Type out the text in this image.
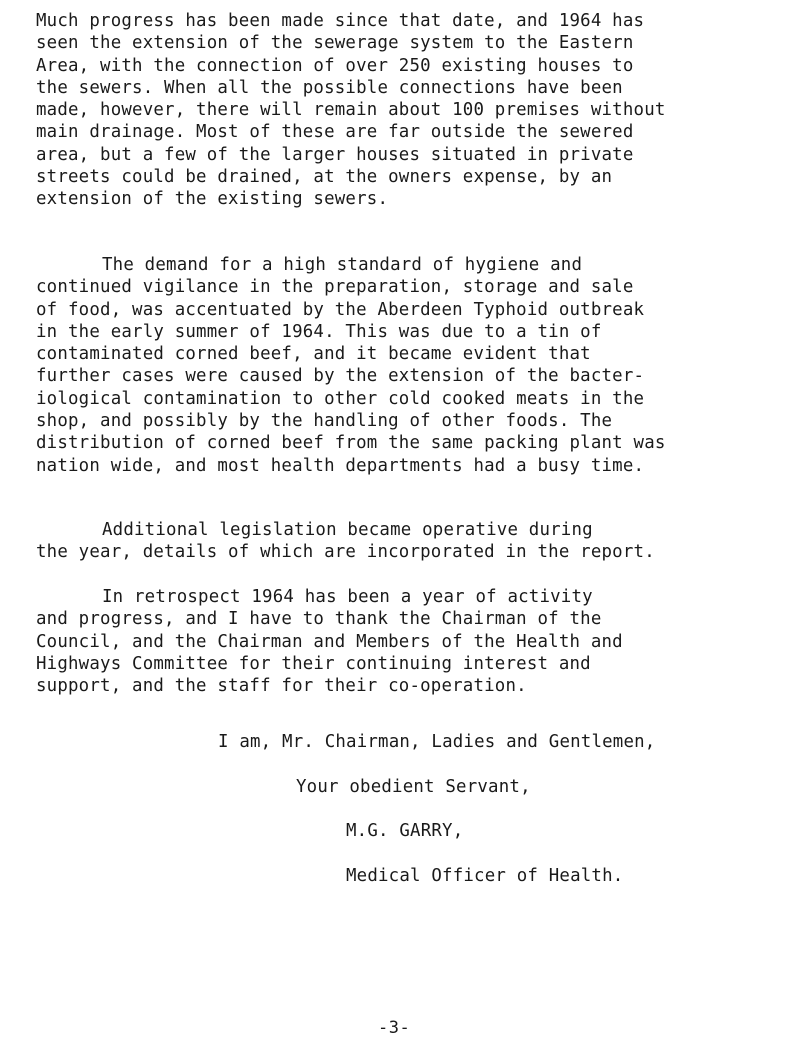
Much progress has been made since that date, and 1964 has
seen the extension of the sewerage system to the Eastern
Area, with the connection of over 250 existing houses to
the sewers. When all the possible connections have been
made, however, there will remain about 100 premises without
main drainage. Most of these are far outside the sewered
area, but a few of the larger houses situated in private
streets could be drained, at the owners expense, by an
extension of the existing sewers.
The demand for a high standard of hygiene and
continued vigilance in the preparation, storage and sale
of food, was accentuated by the Aberdeen Typhoid outbreak
in the early summer of 1964. This was due to a tin of
contaminated corned beef, and it became evident that
further cases were caused by the extension of the bacter-
iological contamination to other cold cooked meats in the
shop, and possibly by the handling of other foods. The
distribution of corned beef from the same packing plant was
nation wide, and most health departments had a busy time.
Additional legislation became operative during
the year, details of which are incorporated in the report.
In retrospect 1964 has been a year of activity
and progress, and I have to thank the Chairman of the
Council, and the Chairman and Members of the Health and
Highways Committee for their continuing interest and
support, and the staff for their co-operation.
I am, Mr. Chairman, Ladies and Gentlemen,
Your obedient Servant,
M.G. GARRY,
Medical Officer of Health.
-3-
